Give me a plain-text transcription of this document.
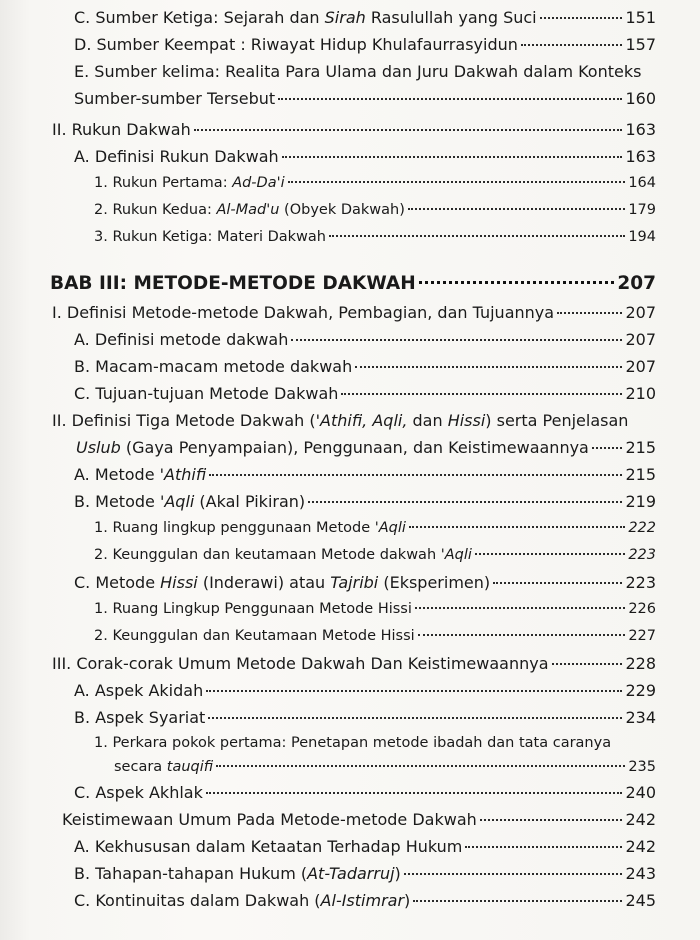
C. Sumber Ketiga: Sejarah dan Sirah Rasulullah yang Suci	151
D. Sumber Keempat : Riwayat Hidup Khulafaurrasyidun	157
E. Sumber kelima: Realita Para Ulama dan Juru Dakwah dalam Konteks
Sumber-sumber Tersebut	160
II. Rukun Dakwah	163
A. Definisi Rukun Dakwah	163
1. Rukun Pertama: Ad-Da'i	164
2. Rukun Kedua: Al-Mad'u (Obyek Dakwah)	179
3. Rukun Ketiga: Materi Dakwah	194
BAB III: METODE-METODE DAKWAH	207
I. Definisi Metode-metode Dakwah, Pembagian, dan Tujuannya	207
A. Definisi metode dakwah	207
B. Macam-macam metode dakwah	207
C. Tujuan-tujuan Metode Dakwah	210
II. Definisi Tiga Metode Dakwah ('Athifi, Aqli, dan Hissi) serta Penjelasan
Uslub (Gaya Penyampaian), Penggunaan, dan Keistimewaannya 215
A. Metode 'Athifi	215
B. Metode 'Aqli (Akal Pikiran)	219
1. Ruang lingkup penggunaan Metode 'Aqli	222
2. Keunggulan dan keutamaan Metode dakwah 'Aqli	223
C. Metode Hissi (Inderawi) atau Tajribi (Eksperimen)	223
1. Ruang Lingkup Penggunaan Metode Hissi	226
2. Keunggulan dan Keutamaan Metode Hissi	227
III. Corak-corak Umum Metode Dakwah Dan Keistimewaannya	228
A. Aspek Akidah	229
B. Aspek Syariat	234
1. Perkara pokok pertama: Penetapan metode ibadah dan tata caranya
secara tauqifi	235
C. Aspek Akhlak	240
Keistimewaan Umum Pada Metode-metode Dakwah	242
A. Kekhususan dalam Ketaatan Terhadap Hukum	242
B. Tahapan-tahapan Hukum (At-Tadarruj)	243
C. Kontinuitas dalam Dakwah (Al-Istimrar)	245
